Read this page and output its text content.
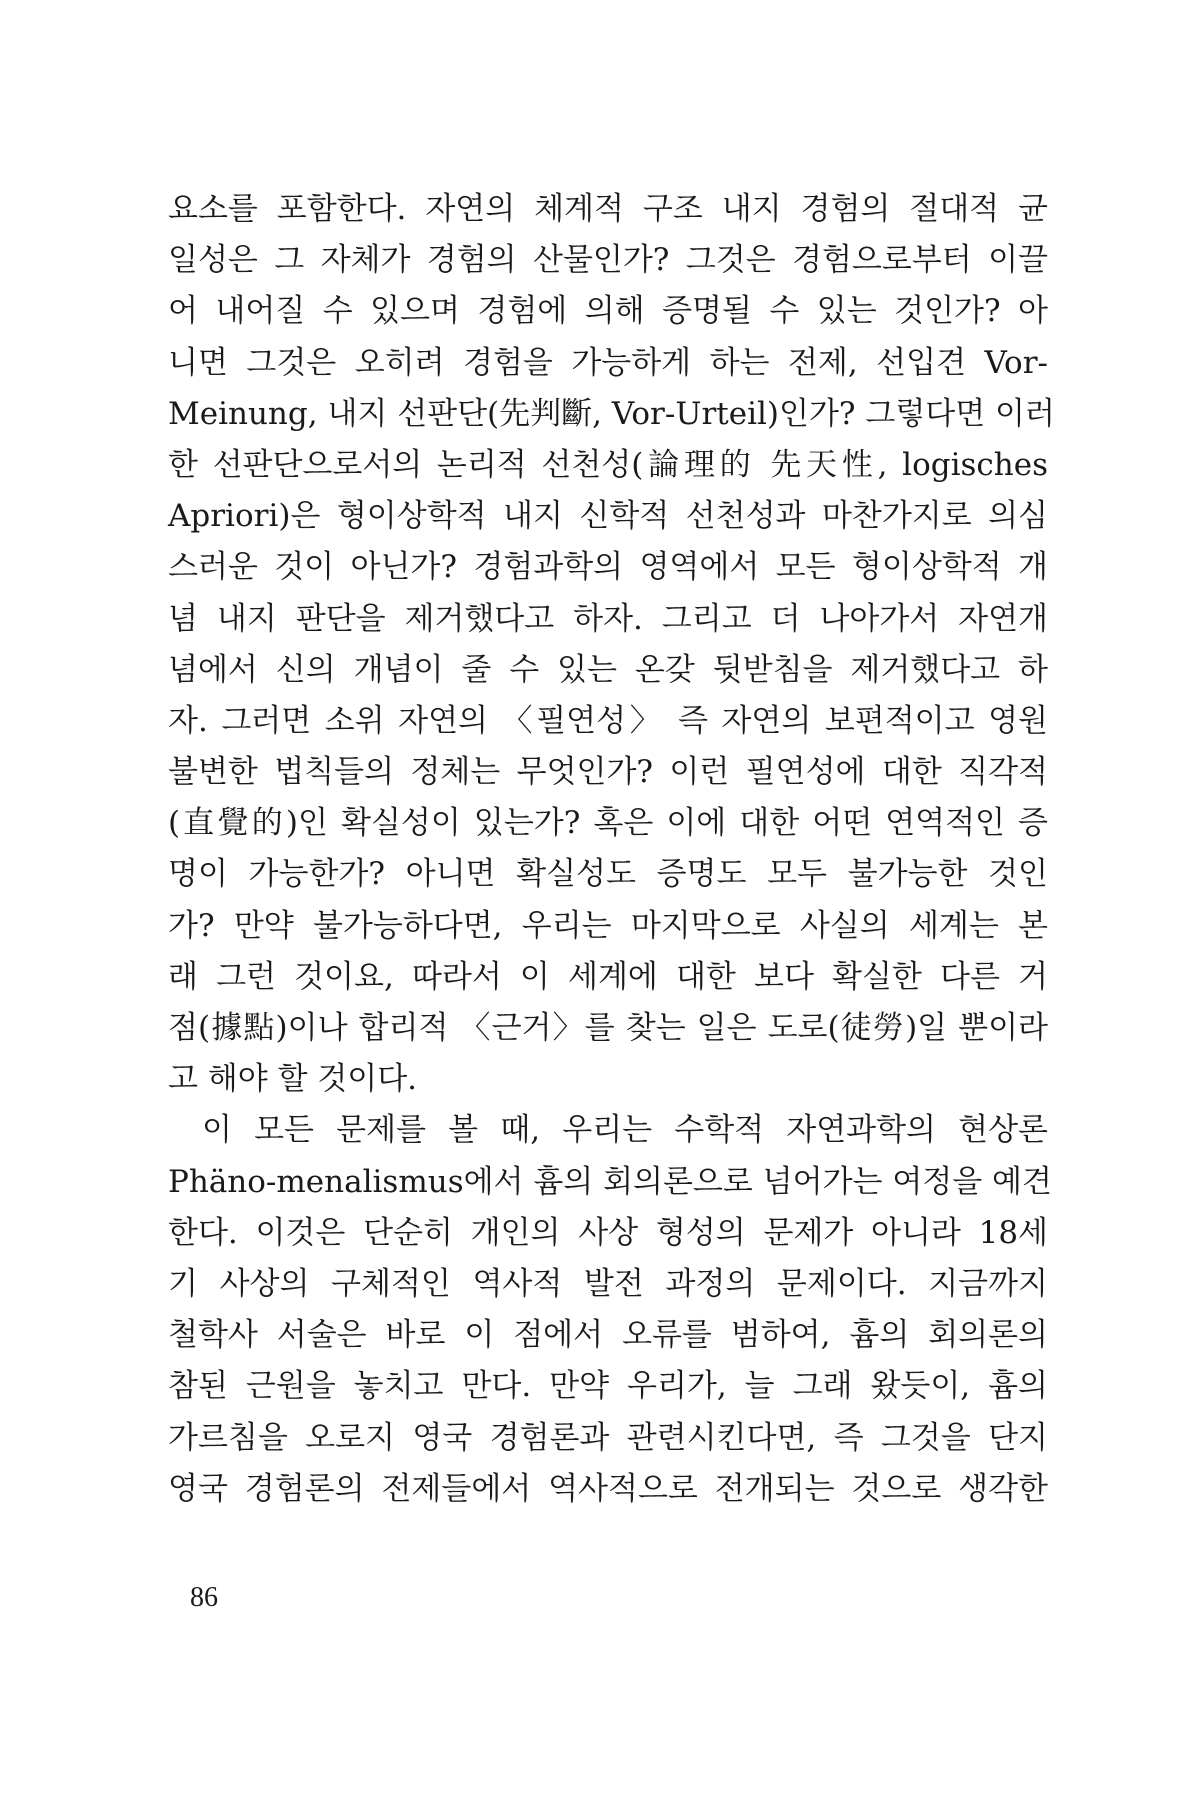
요소를 포함한다. 자연의 체계적 구조 내지 경험의 절대적 균
일성은 그 자체가 경험의 산물인가? 그것은 경험으로부터 이끌
어 내어질 수 있으며 경험에 의해 증명될 수 있는 것인가? 아
니면 그것은 오히려 경험을 가능하게 하는 전제, 선입견 Vor-
Meinung, 내지 선판단(先判斷, Vor-Urteil)인가? 그렇다면 이러
한 선판단으로서의 논리적 선천성(論理的 先天性, logisches
Apriori)은 형이상학적 내지 신학적 선천성과 마찬가지로 의심
스러운 것이 아닌가? 경험과학의 영역에서 모든 형이상학적 개
념 내지 판단을 제거했다고 하자. 그리고 더 나아가서 자연개
념에서 신의 개념이 줄 수 있는 온갖 뒷받침을 제거했다고 하
자. 그러면 소위 자연의 〈필연성〉 즉 자연의 보편적이고 영원
불변한 법칙들의 정체는 무엇인가? 이런 필연성에 대한 직각적
(直覺的)인 확실성이 있는가? 혹은 이에 대한 어떤 연역적인 증
명이 가능한가? 아니면 확실성도 증명도 모두 불가능한 것인
가? 만약 불가능하다면, 우리는 마지막으로 사실의 세계는 본
래 그런 것이요, 따라서 이 세계에 대한 보다 확실한 다른 거
점(據點)이나 합리적 〈근거〉를 찾는 일은 도로(徒勞)일 뿐이라
고 해야 할 것이다.
이 모든 문제를 볼 때, 우리는 수학적 자연과학의 현상론
Phäno-menalismus에서 흄의 회의론으로 넘어가는 여정을 예견
한다. 이것은 단순히 개인의 사상 형성의 문제가 아니라 18세
기 사상의 구체적인 역사적 발전 과정의 문제이다. 지금까지
철학사 서술은 바로 이 점에서 오류를 범하여, 흄의 회의론의
참된 근원을 놓치고 만다. 만약 우리가, 늘 그래 왔듯이, 흄의
가르침을 오로지 영국 경험론과 관련시킨다면, 즉 그것을 단지
영국 경험론의 전제들에서 역사적으로 전개되는 것으로 생각한
86
